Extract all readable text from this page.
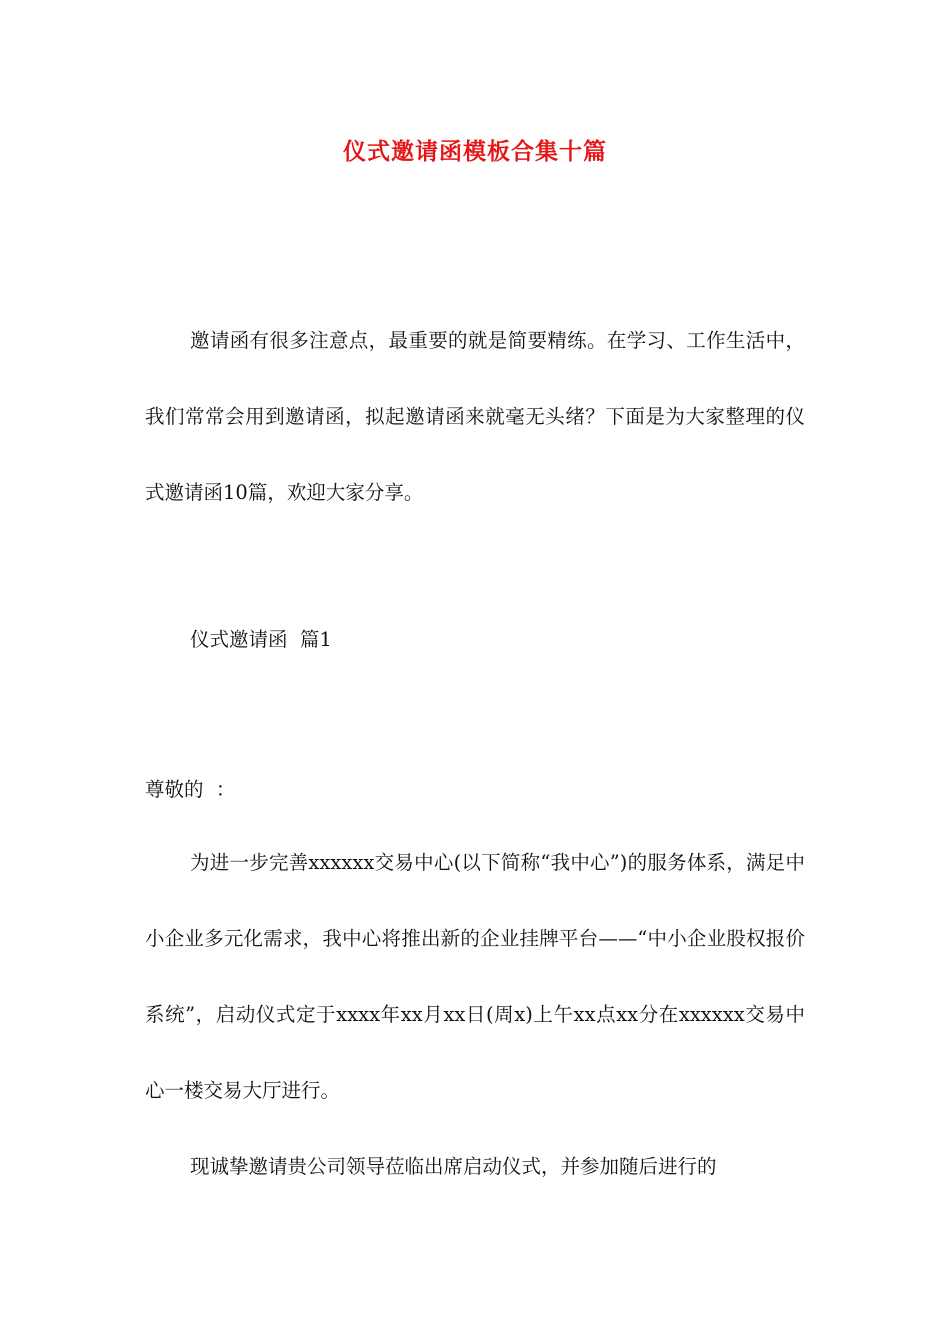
仪式邀请函模板合集十篇
邀请函有很多注意点，最重要的就是简要精练。在学习、工作生活中，我们常常会用到邀请函，拟起邀请函来就毫无头绪？下面是为大家整理的仪式邀请函10篇，欢迎大家分享。
仪式邀请函  篇1
尊敬的  ：
为进一步完善xxxxxx交易中心(以下简称“我中心”)的服务体系，满足中小企业多元化需求，我中心将推出新的企业挂牌平台——“中小企业股权报价系统”，启动仪式定于xxxx年xx月xx日(周x)上午xx点xx分在xxxxxx交易中心一楼交易大厅进行。
现诚挚邀请贵公司领导莅临出席启动仪式，并参加随后进行的
